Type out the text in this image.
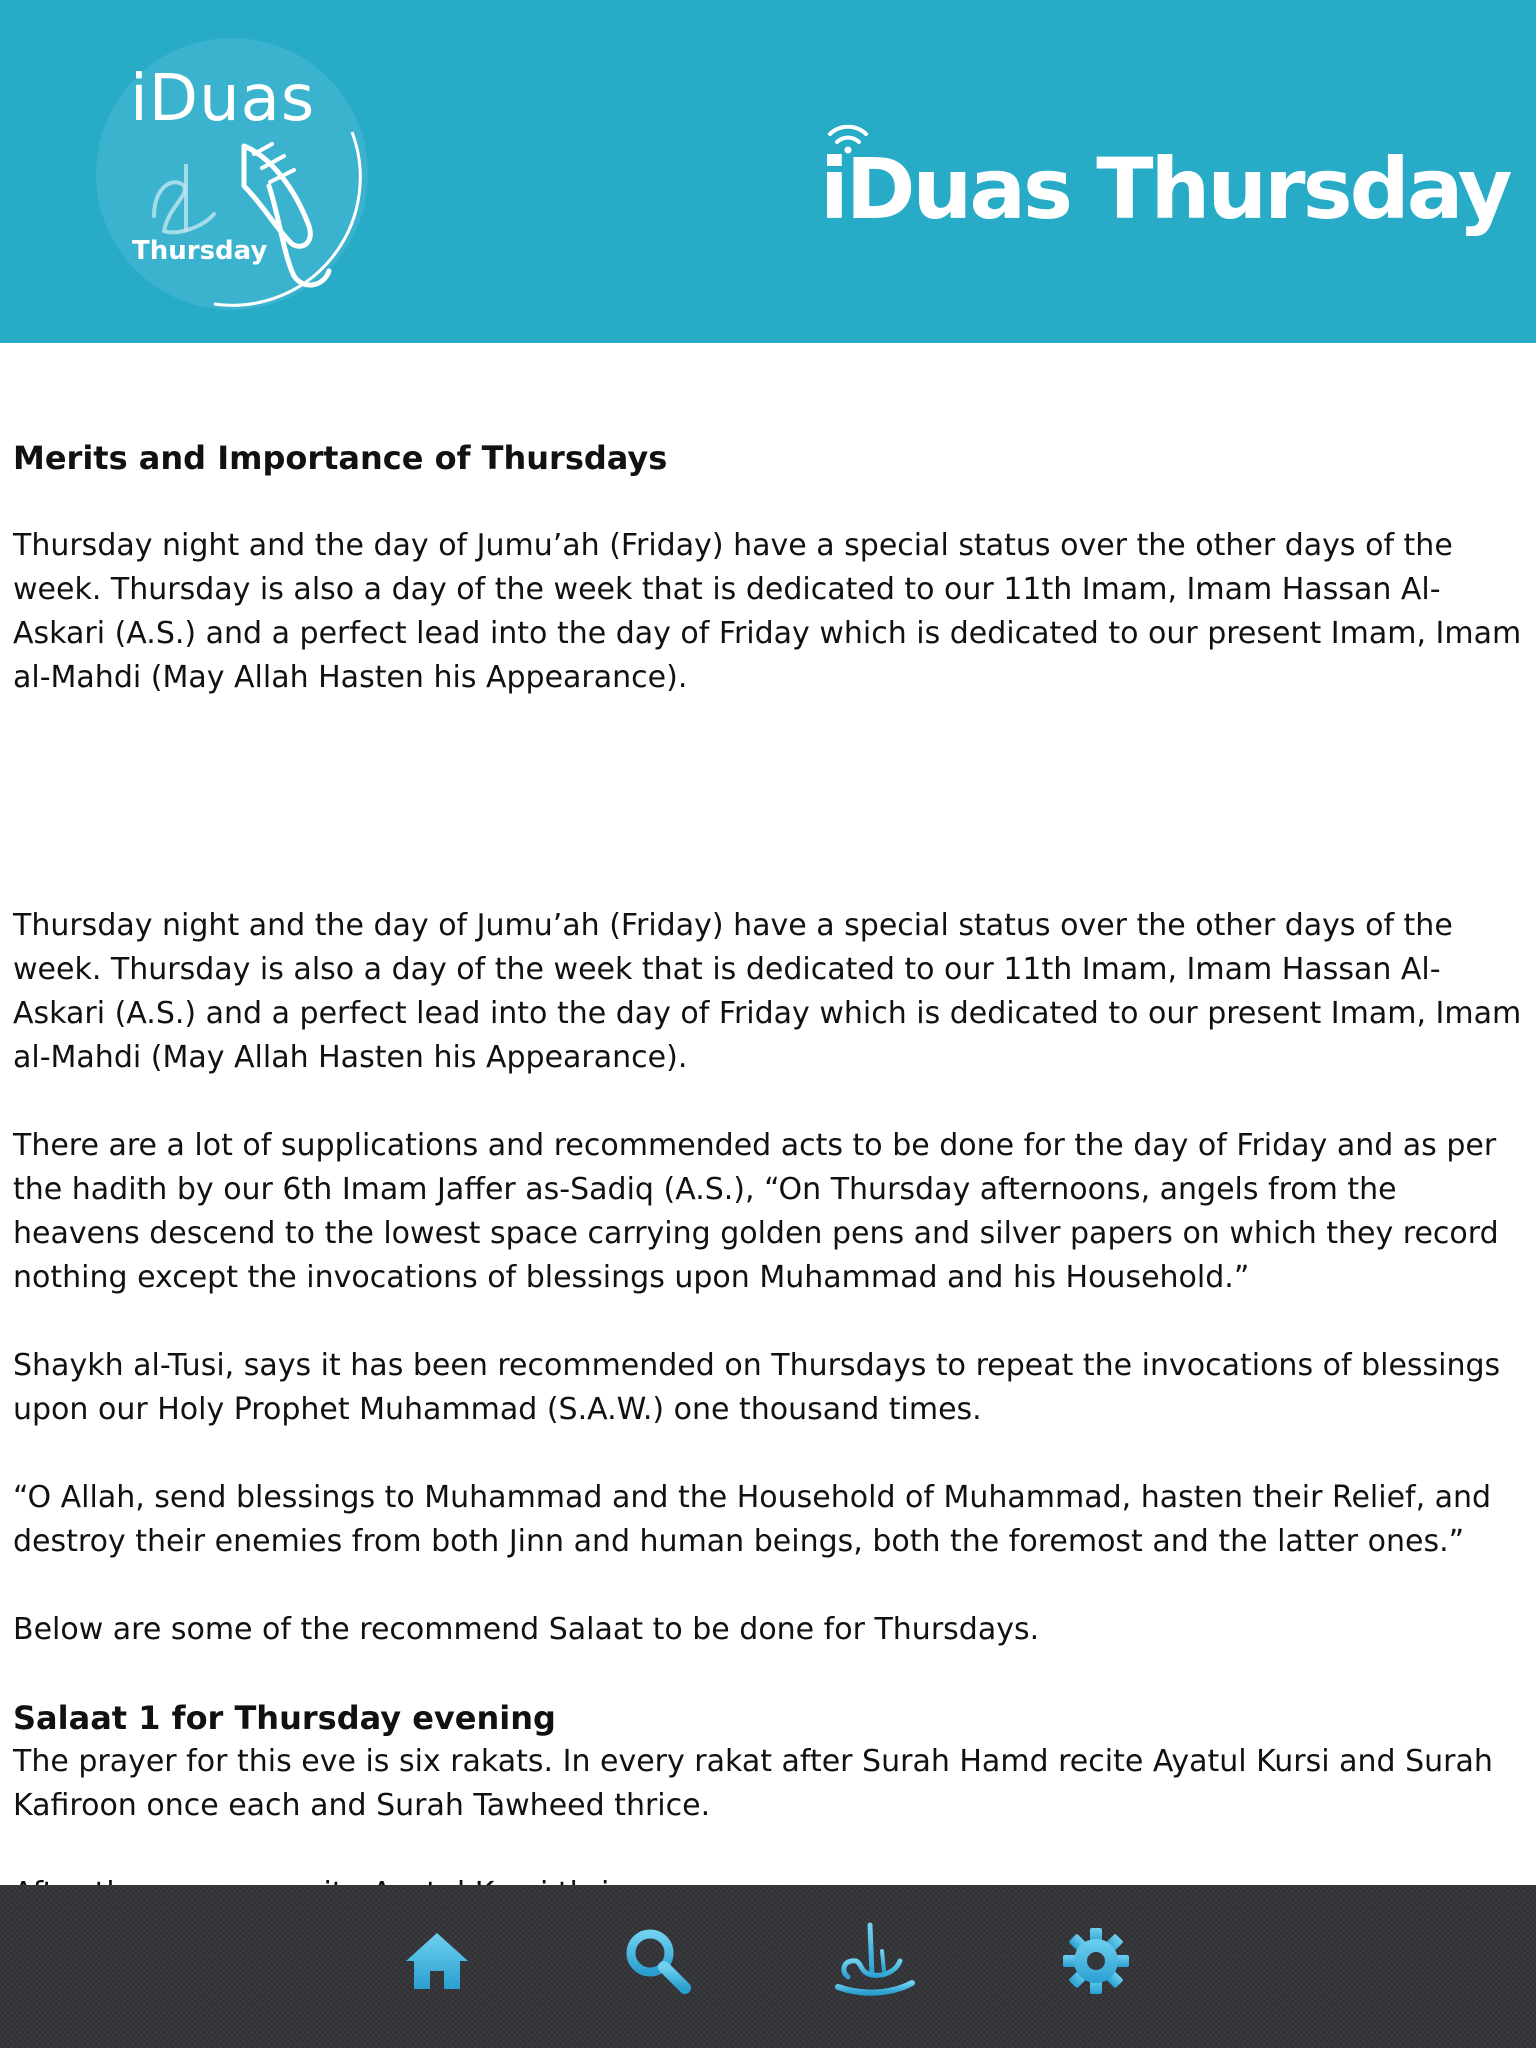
iDuas
Thursday
iDuas Thursday
Merits and Importance of Thursdays

Thursday night and the day of Jumu’ah (Friday) have a special status over the other days of the week. Thursday is also a day of the week that is dedicated to our 11th Imam, Imam Hassan Al-Askari (A.S.) and a perfect lead into the day of Friday which is dedicated to our present Imam, Imam al-Mahdi (May Allah Hasten his Appearance).

Thursday night and the day of Jumu’ah (Friday) have a special status over the other days of the week. Thursday is also a day of the week that is dedicated to our 11th Imam, Imam Hassan Al-Askari (A.S.) and a perfect lead into the day of Friday which is dedicated to our present Imam, Imam al-Mahdi (May Allah Hasten his Appearance).

There are a lot of supplications and recommended acts to be done for the day of Friday and as per the hadith by our 6th Imam Jaffer as-Sadiq (A.S.), “On Thursday afternoons, angels from the heavens descend to the lowest space carrying golden pens and silver papers on which they record nothing except the invocations of blessings upon Muhammad and his Household.”

Shaykh al-Tusi, says it has been recommended on Thursdays to repeat the invocations of blessings upon our Holy Prophet Muhammad (S.A.W.) one thousand times.

“O Allah, send blessings to Muhammad and the Household of Muhammad, hasten their Relief, and destroy their enemies from both Jinn and human beings, both the foremost and the latter ones.”

Below are some of the recommend Salaat to be done for Thursdays.

Salaat 1 for Thursday evening

The prayer for this eve is six rakats. In every rakat after Surah Hamd recite Ayatul Kursi and Surah Kafiroon once each and Surah Tawheed thrice.
